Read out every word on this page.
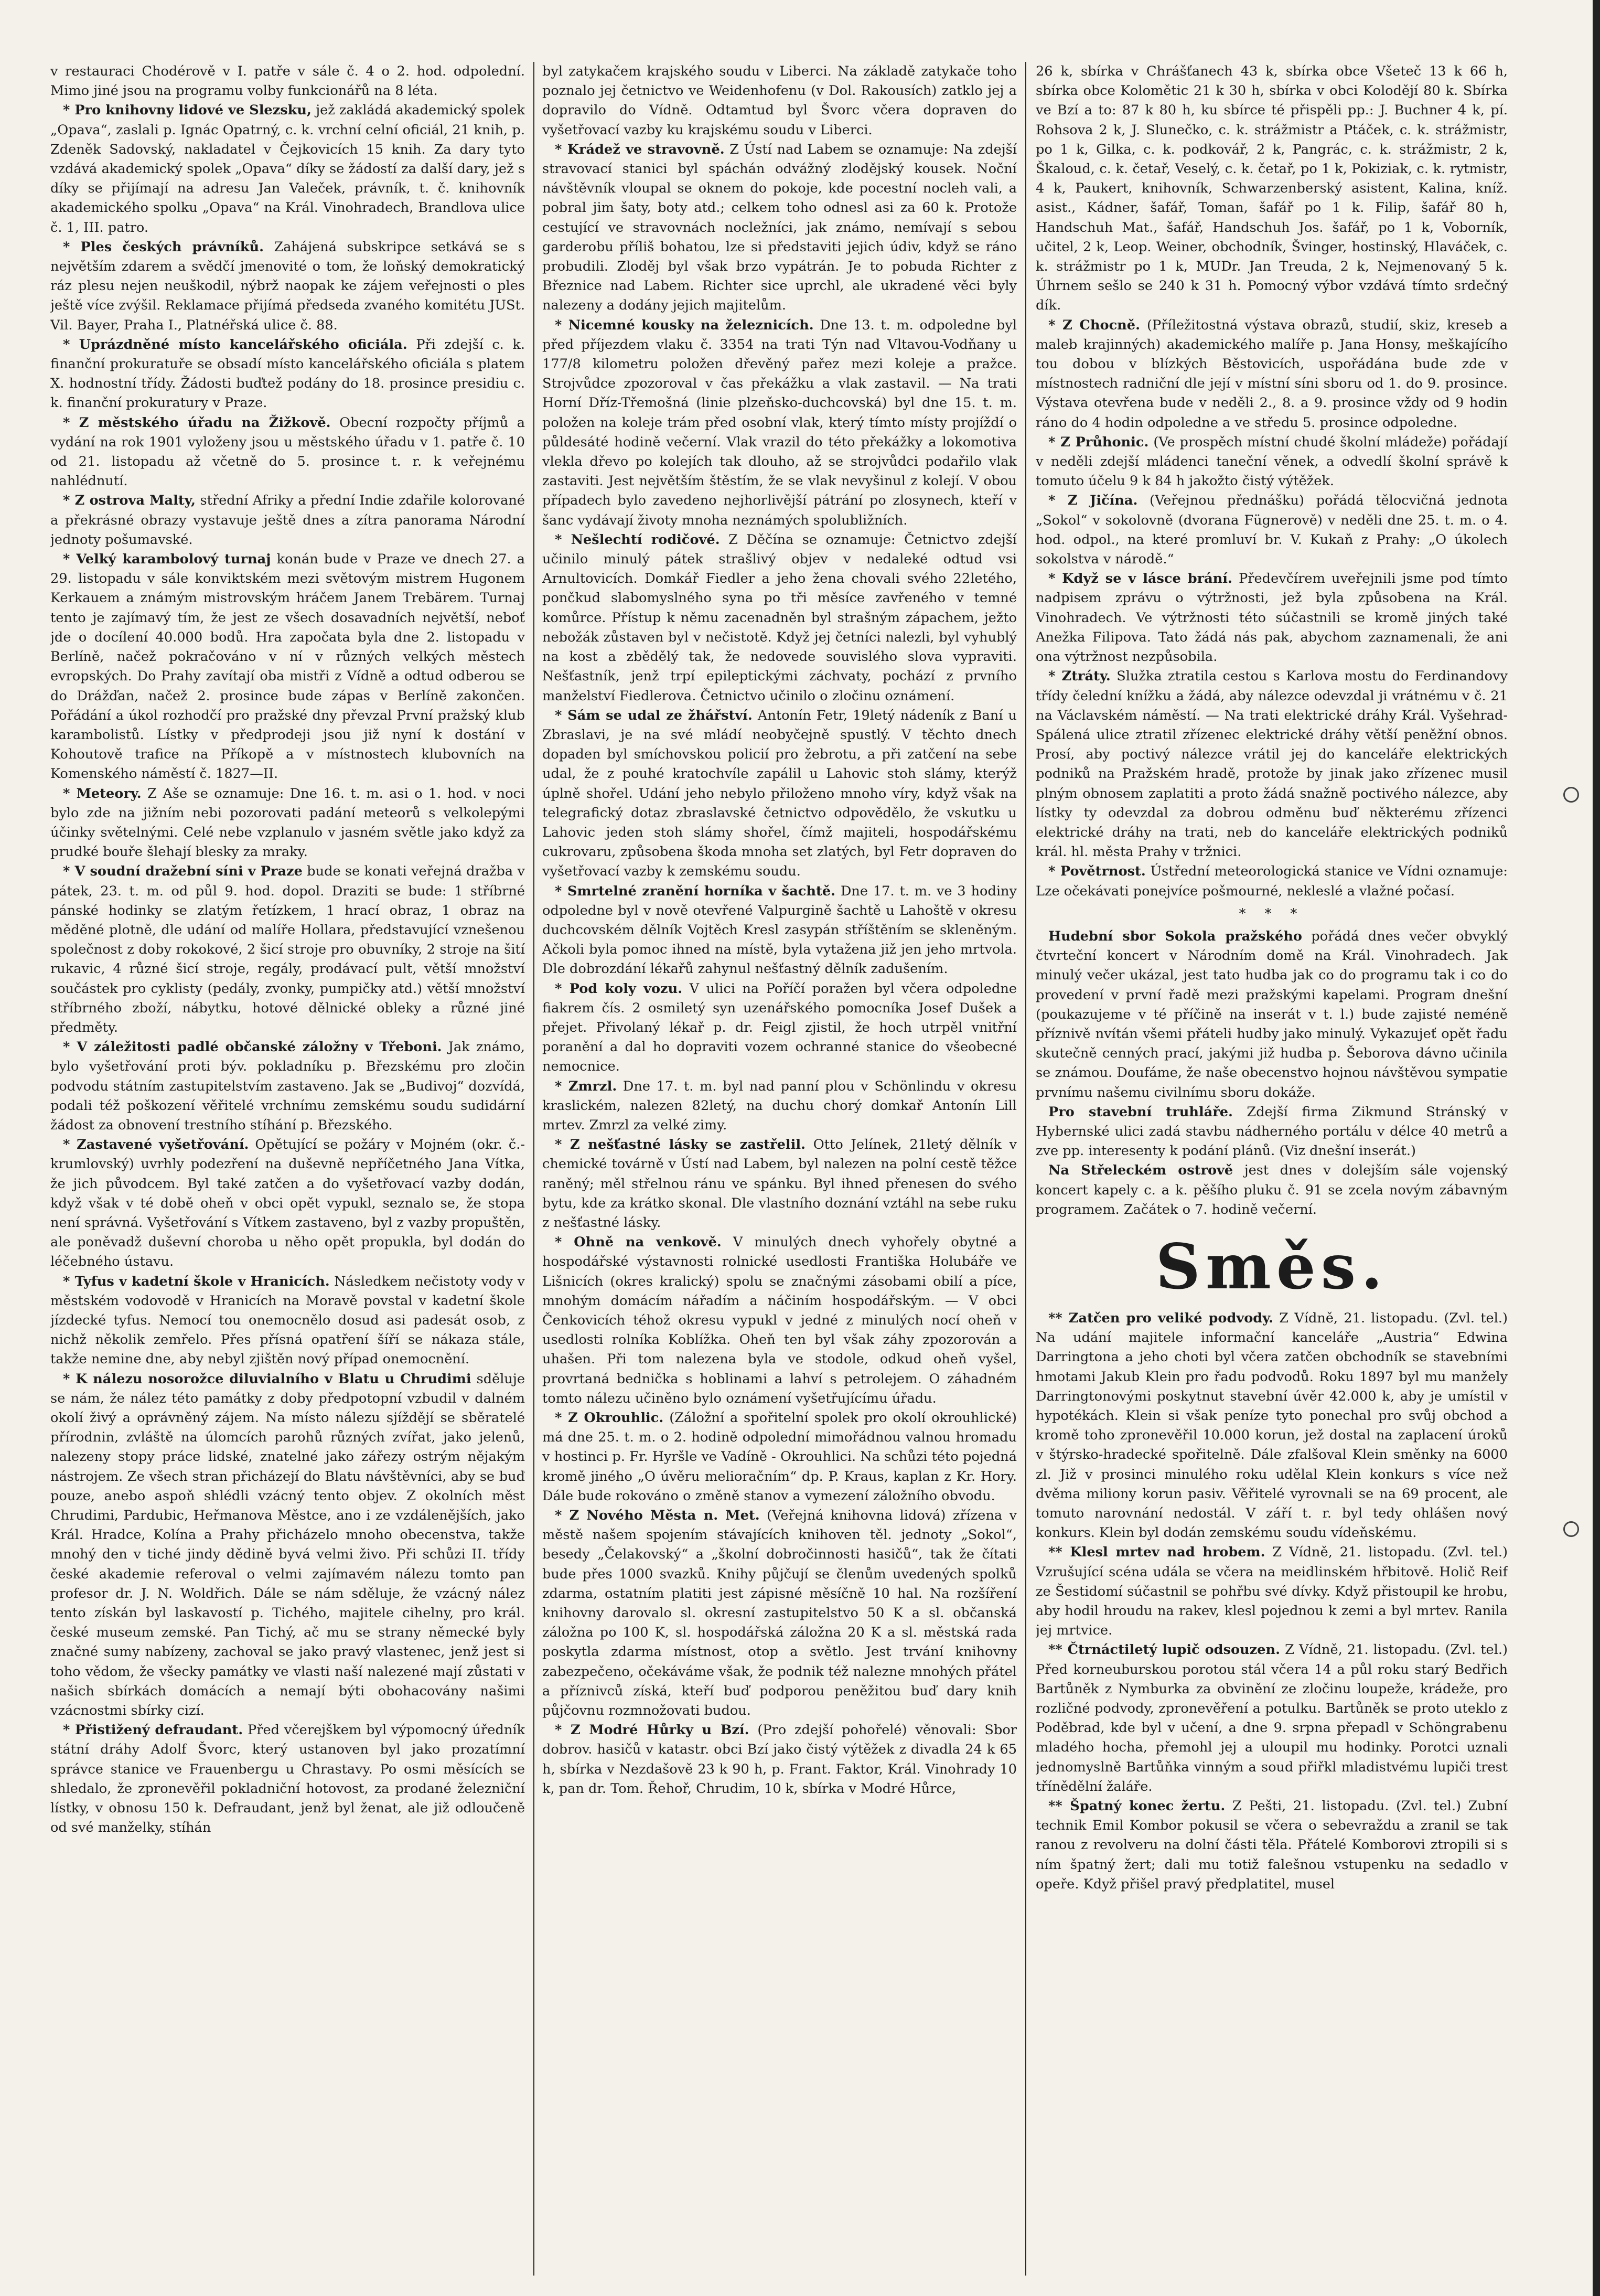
v restauraci Chodérově v I. patře v sále č. 4 o 2. hod. odpolední. Mimo jiné jsou na programu volby funkcionářů na 8 léta.

* Pro knihovny lidové ve Slezsku, jež zakládá akademický spolek „Opava“, zaslali p. Ignác Opatrný, c. k. vrchní celní oficiál, 21 knih, p. Zdeněk Sadovský, nakladatel v Čejkovicích 15 knih. Za dary tyto vzdává akademický spolek „Opava“ díky se žádostí za další dary, jež s díky se přijímají na adresu Jan Valeček, právník, t. č. knihovník akademického spolku „Opava“ na Král. Vinohradech, Brandlova ulice č. 1, III. patro.

* Ples českých právníků. Zahájená subskripce setkává se s největším zdarem a svědčí jmenovité o tom, že loňský demokratický ráz plesu nejen neuškodil, nýbrž naopak ke zájem veřejnosti o ples ještě více zvýšil. Reklamace přijímá předseda zvaného komitétu JUSt. Vil. Bayer, Praha I., Platnéřská ulice č. 88.

* Uprázdněné místo kancelářského oficiála. Při zdejší c. k. finanční prokuratuře se obsadí místo kancelářského oficiála s platem X. hodnostní třídy. Žádosti buďtež podány do 18. prosince presidiu c. k. finanční prokuratury v Praze.

* Z městského úřadu na Žižkově. Obecní rozpočty příjmů a vydání na rok 1901 vyloženy jsou u městského úřadu v 1. patře č. 10 od 21. listopadu až včetně do 5. prosince t. r. k veřejnému nahlédnutí.

* Z ostrova Malty, střední Afriky a přední Indie zdařile kolorované a překrásné obrazy vystavuje ještě dnes a zítra panorama Národní jednoty pošumavské.

* Velký karambolový turnaj konán bude v Praze ve dnech 27. a 29. listopadu v sále konviktském mezi světovým mistrem Hugonem Kerkauem a známým mistrovským hráčem Janem Trebärem. Turnaj tento je zajímavý tím, že jest ze všech dosavadních největší, neboť jde o docílení 40.000 bodů. Hra započata byla dne 2. listopadu v Berlíně, načež pokračováno v ní v různých velkých městech evropských. Do Prahy zavítají oba mistři z Vídně a odtud odberou se do Drážďan, načež 2. prosince bude zápas v Berlíně zakončen. Pořádání a úkol rozhodčí pro pražské dny převzal První pražský klub karambolistů. Lístky v předprodeji jsou již nyní k dostání v Kohoutově trafice na Příkopě a v místnostech klubovních na Komenského náměstí č. 1827—II.

* Meteory. Z Aše se oznamuje: Dne 16. t. m. asi o 1. hod. v noci bylo zde na jižním nebi pozorovati padání meteorů s velkolepými účinky světelnými. Celé nebe vzplanulo v jasném světle jako když za prudké bouře šlehají blesky za mraky.

* V soudní dražební síni v Praze bude se konati veřejná dražba v pátek, 23. t. m. od půl 9. hod. dopol. Draziti se bude: 1 stříbrné pánské hodinky se zlatým řetízkem, 1 hrací obraz, 1 obraz na měděné plotně, dle udání od malíře Hollara, představující vznešenou společnost z doby rokokové, 2 šicí stroje pro obuvníky, 2 stroje na šití rukavic, 4 různé šicí stroje, regály, prodávací pult, větší množství součástek pro cyklisty (pedály, zvonky, pumpičky atd.) větší množství stříbrného zboží, nábytku, hotové dělnické obleky a různé jiné předměty.

* V záležitosti padlé občanské záložny v Třeboni. Jak známo, bylo vyšetřování proti býv. pokladníku p. Březskému pro zločin podvodu státním zastupitelstvím zastaveno. Jak se „Budivoj“ dozvídá, podali též poškození věřitelé vrchnímu zemskému soudu sudidární žádost za obnovení trestního stíhání p. Březského.

* Zastavené vyšetřování. Opětující se požáry v Mojném (okr. č.-krumlovský) uvrhly podezření na duševně nepříčetného Jana Vítka, že jich původcem. Byl také zatčen a do vyšetřovací vazby dodán, když však v té době oheň v obci opět vypukl, seznalo se, že stopa není správná. Vyšetřování s Vítkem zastaveno, byl z vazby propuštěn, ale poněvadž duševní choroba u něho opět propukla, byl dodán do léčebného ústavu.

* Tyfus v kadetní škole v Hranicích. Následkem nečistoty vody v městském vodovodě v Hranicích na Moravě povstal v kadetní škole jízdecké tyfus. Nemocí tou onemocnělo dosud asi padesát osob, z nichž několik zemřelo. Přes přísná opatření šíří se nákaza stále, takže nemine dne, aby nebyl zjištěn nový případ onemocnění.

* K nálezu nosorožce diluvialního v Blatu u Chrudimi sděluje se nám, že nález této památky z doby předpotopní vzbudil v dalném okolí živý a oprávněný zájem. Na místo nálezu sjíždějí se sběratelé přírodnin, zvláště na úlomcích parohů různých zvířat, jako jelenů, nalezeny stopy práce lidské, znatelné jako zářezy ostrým nějakým nástrojem. Ze všech stran přicházejí do Blatu návštěvníci, aby se buď pouze, anebo aspoň shlédli vzácný tento objev. Z okolních měst Chrudimi, Pardubic, Heřmanova Městce, ano i ze vzdálenějších, jako Král. Hradce, Kolína a Prahy přicházelo mnoho obecenstva, takže mnohý den v tiché jindy dědině byvá velmi živo. Při schůzi II. třídy české akademie referoval o velmi zajímavém nálezu tomto pan profesor dr. J. N. Woldřich. Dále se nám sděluje, že vzácný nález tento získán byl laskavostí p. Tichého, majitele cihelny, pro král. české museum zemské. Pan Tichý, ač mu se strany německé byly značné sumy nabízeny, zachoval se jako pravý vlastenec, jenž jest si toho vědom, že všecky památky ve vlasti naší nalezené mají zůstati v našich sbírkách domácích a nemají býti obohacovány našimi vzácnostmi sbírky cizí.

* Přistižený defraudant. Před včerejškem byl výpomocný úředník státní dráhy Adolf Švorc, který ustanoven byl jako prozatímní správce stanice ve Frauenbergu u Chrastavy. Po osmi měsících se shledalo, že zpronevěřil pokladniční hotovost, za prodané železniční lístky, v obnosu 150 k. Defraudant, jenž byl ženat, ale již odloučeně od své manželky, stíhán

byl zatykačem krajského soudu v Liberci. Na základě zatykače toho poznalo jej četnictvo ve Weidenhofenu (v Dol. Rakousích) zatklo jej a dopravilo do Vídně. Odtamtud byl Švorc včera dopraven do vyšetřovací vazby ku krajskému soudu v Liberci.

* Krádež ve stravovně. Z Ústí nad Labem se oznamuje: Na zdejší stravovací stanici byl spáchán odvážný zlodějský kousek. Noční návštěvník vloupal se oknem do pokoje, kde pocestní nocleh vali, a pobral jim šaty, boty atd.; celkem toho odnesl asi za 60 k. Protože cestující ve stravovnách nocležníci, jak známo, nemívají s sebou garderobu příliš bohatou, lze si představiti jejich údiv, když se ráno probudili. Zloděj byl však brzo vypátrán. Je to pobuda Richter z Březnice nad Labem. Richter sice uprchl, ale ukradené věci byly nalezeny a dodány jejich majitelům.

* Nicemné kousky na železnicích. Dne 13. t. m. odpoledne byl před příjezdem vlaku č. 3354 na trati Týn nad Vltavou-Vodňany u 177/8 kilometru položen dřevěný pařez mezi koleje a pražce. Strojvůdce zpozoroval v čas překážku a vlak zastavil. — Na trati Horní Dříz-Třemošná (linie plzeňsko-duchcovská) byl dne 15. t. m. položen na koleje trám před osobní vlak, který tímto místy projíždí o půldesáté hodině večerní. Vlak vrazil do této překážky a lokomotiva vlekla dřevo po kolejích tak dlouho, až se strojvůdci podařilo vlak zastaviti. Jest největším štěstím, že se vlak nevyšinul z kolejí. V obou případech bylo zavedeno nejhorlivější pátrání po zlosynech, kteří v šanc vydávají životy mnoha neznámých spolubližních.

* Nešlechtí rodičové. Z Děčína se oznamuje: Četnictvo zdejší učinilo minulý pátek strašlivý objev v nedaleké odtud vsi Arnultovicích. Domkář Fiedler a jeho žena chovali svého 22letého, pončkud slabomyslného syna po tři měsíce zavřeného v temné komůrce. Přístup k němu zacenadněn byl strašným zápachem, ježto nebožák zůstaven byl v nečistotě. Když jej četníci nalezli, byl vyhublý na kost a zbědělý tak, že nedovede souvislého slova vypraviti. Nešťastník, jenž trpí epileptickými záchvaty, pochází z prvního manželství Fiedlerova. Četnictvo učinilo o zločinu oznámení.

* Sám se udal ze žhářství. Antonín Fetr, 19letý nádeník z Baní u Zbraslavi, je na své mládí neobyčejně spustlý. V těchto dnech dopaden byl smíchovskou policií pro žebrotu, a při zatčení na sebe udal, že z pouhé kratochvíle zapálil u Lahovic stoh slámy, kterýž úplně shořel. Udání jeho nebylo přiloženo mnoho víry, když však na telegrafický dotaz zbraslavské četnictvo odpovědělo, že vskutku u Lahovic jeden stoh slámy shořel, čímž majiteli, hospodářskému cukrovaru, způsobena škoda mnoha set zlatých, byl Fetr dopraven do vyšetřovací vazby k zemskému soudu.

* Smrtelné zranění horníka v šachtě. Dne 17. t. m. ve 3 hodiny odpoledne byl v nově otevřené Valpurgině šachtě u Lahoště v okresu duchcovském dělník Vojtěch Kresl zasypán stříštěním se skleněným. Ačkoli byla pomoc ihned na místě, byla vytažena již jen jeho mrtvola. Dle dobrozdání lékařů zahynul nešťastný dělník zadušením.

* Pod koly vozu. V ulici na Poříčí poražen byl včera odpoledne fiakrem čís. 2 osmiletý syn uzenářského pomocníka Josef Dušek a přejet. Přivolaný lékař p. dr. Feigl zjistil, že hoch utrpěl vnitřní poranění a dal ho dopraviti vozem ochranné stanice do všeobecné nemocnice.

* Zmrzl. Dne 17. t. m. byl nad panní plou v Schönlindu v okresu kraslickém, nalezen 82letý, na duchu chorý domkař Antonín Lill mrtev. Zmrzl za velké zimy.

* Z nešťastné lásky se zastřelil. Otto Jelínek, 21letý dělník v chemické továrně v Ústí nad Labem, byl nalezen na polní cestě těžce raněný; měl střelnou ránu ve spánku. Byl ihned přenesen do svého bytu, kde za krátko skonal. Dle vlastního doznání vztáhl na sebe ruku z nešťastné lásky.

* Ohně na venkově. V minulých dnech vyhořely obytné a hospodářské výstavnosti rolnické usedlosti Františka Holubáře ve Lišnicích (okres kralický) spolu se značnými zásobami obilí a píce, mnohým domácím nářadím a náčiním hospodářským. — V obci Čenkovicích téhož okresu vypukl v jedné z minulých nocí oheň v usedlosti rolníka Koblížka. Oheň ten byl však záhy zpozorován a uhašen. Při tom nalezena byla ve stodole, odkud oheň vyšel, provrtaná bednička s hoblinami a lahví s petrolejem. O záhadném tomto nálezu učiněno bylo oznámení vyšetřujícímu úřadu.

* Z Okrouhlic. (Záložní a spořitelní spolek pro okolí okrouhlické) má dne 25. t. m. o 2. hodině odpolední mimořádnou valnou hromadu v hostinci p. Fr. Hyršle ve Vadíně - Okrouhlici. Na schůzi této pojedná kromě jiného „O úvěru melioračním“ dp. P. Kraus, kaplan z Kr. Hory. Dále bude rokováno o změně stanov a vymezení záložního obvodu.

* Z Nového Města n. Met. (Veřejná knihovna lidová) zřízena v městě našem spojením stávajících knihoven těl. jednoty „Sokol“, besedy „Čelakovský“ a „školní dobročinnosti hasičů“, tak že čítati bude přes 1000 svazků. Knihy půjčují se členům uvedených spolků zdarma, ostatním platiti jest zápisné měsíčně 10 hal. Na rozšíření knihovny darovalo sl. okresní zastupitelstvo 50 K a sl. občanská záložna po 100 K, sl. hospodářská záložna 20 K a sl. městská rada poskytla zdarma místnost, otop a světlo. Jest trvání knihovny zabezpečeno, očekáváme však, že podnik též nalezne mnohých přátel a příznivců získá, kteří buď podporou peněžitou buď dary knih půjčovnu rozmnožovati budou.

* Z Modré Hůrky u Bzí. (Pro zdejší pohořelé) věnovali: Sbor dobrov. hasičů v katastr. obci Bzí jako čistý výtěžek z divadla 24 k 65 h, sbírka v Nezdašově 23 k 90 h, p. Frant. Faktor, Král. Vinohrady 10 k, pan dr. Tom. Řehoř, Chrudim, 10 k, sbírka v Modré Hůrce,

26 k, sbírka v Chrášťanech 43 k, sbírka obce Všeteč 13 k 66 h, sbírka obce Kolomětic 21 k 30 h, sbírka v obci Kolodějí 80 k. Sbírka ve Bzí a to: 87 k 80 h, ku sbírce té přispěli pp.: J. Buchner 4 k, pí. Rohsova 2 k, J. Slunečko, c. k. strážmistr a Ptáček, c. k. strážmistr, po 1 k, Gilka, c. k. podkovář, 2 k, Pangrác, c. k. strážmistr, 2 k, Škaloud, c. k. četař, Veselý, c. k. četař, po 1 k, Pokiziak, c. k. rytmistr, 4 k, Paukert, knihovník, Schwarzenberský asistent, Kalina, kníž. asist., Kádner, šafář, Toman, šafář po 1 k. Filip, šafář 80 h, Handschuh Mat., šafář, Handschuh Jos. šafář, po 1 k, Voborník, učitel, 2 k, Leop. Weiner, obchodník, Švinger, hostinský, Hlaváček, c. k. strážmistr po 1 k, MUDr. Jan Treuda, 2 k, Nejmenovaný 5 k. Úhrnem sešlo se 240 k 31 h. Pomocný výbor vzdává tímto srdečný dík.

* Z Chocně. (Příležitostná výstava obrazů, studií, skiz, kreseb a maleb krajinných) akademického malíře p. Jana Honsy, meškajícího tou dobou v blízkých Běstovicích, uspořádána bude zde v místnostech radniční dle její v místní síni sboru od 1. do 9. prosince. Výstava otevřena bude v neděli 2., 8. a 9. prosince vždy od 9 hodin ráno do 4 hodin odpoledne a ve středu 5. prosince odpoledne.

* Z Průhonic. (Ve prospěch místní chudé školní mládeže) pořádají v neděli zdejší mládenci taneční věnek, a odvedlí školní správě k tomuto účelu 9 k 84 h jakožto čistý výtěžek.

* Z Jičína. (Veřejnou přednášku) pořádá tělocvičná jednota „Sokol“ v sokolovně (dvorana Fügnerově) v neděli dne 25. t. m. o 4. hod. odpol., na které promluví br. V. Kukaň z Prahy: „O úkolech sokolstva v národě.“

* Když se v lásce brání. Předevčírem uveřejnili jsme pod tímto nadpisem zprávu o výtržnosti, jež byla způsobena na Král. Vinohradech. Ve výtržnosti této súčastnili se kromě jiných také Anežka Filipova. Tato žádá nás pak, abychom zaznamenali, že ani ona výtržnost nezpůsobila.

* Ztráty. Služka ztratila cestou s Karlova mostu do Ferdinandovy třídy čelední knížku a žádá, aby nálezce odevzdal ji vrátnému v č. 21 na Václavském náměstí. — Na trati elektrické dráhy Král. Vyšehrad-Spálená ulice ztratil zřízenec elektrické dráhy větší peněžní obnos. Prosí, aby poctivý nálezce vrátil jej do kanceláře elektrických podniků na Pražském hradě, protože by jinak jako zřízenec musil plným obnosem zaplatiti a proto žádá snažně poctivého nálezce, aby lístky ty odevzdal za dobrou odměnu buď některému zřízenci elektrické dráhy na trati, neb do kanceláře elektrických podniků král. hl. města Prahy v tržnici.

* Povětrnost. Ústřední meteorologická stanice ve Vídni oznamuje: Lze očekávati ponejvíce pošmourné, nekleslé a vlažné počasí.

* * *

Hudební sbor Sokola pražského pořádá dnes večer obvyklý čtvrteční koncert v Národním domě na Král. Vinohradech. Jak minulý večer ukázal, jest tato hudba jak co do programu tak i co do provedení v první řadě mezi pražskými kapelami. Program dnešní (poukazujeme v té příčině na inserát v t. l.) bude zajisté neméně příznivě nvítán všemi přáteli hudby jako minulý. Vykazujeť opět řadu skutečně cenných prací, jakými již hudba p. Šeborova dávno učinila se známou. Doufáme, že naše obecenstvo hojnou návštěvou sympatie prvnímu našemu civilnímu sboru dokáže.

Pro stavební truhláře. Zdejší firma Zikmund Stránský v Hybernské ulici zadá stavbu nádherného portálu v délce 40 metrů a zve pp. interesenty k podání plánů. (Viz dnešní inserát.)

Na Střeleckém ostrově jest dnes v dolejším sále vojenský koncert kapely c. a k. pěšího pluku č. 91 se zcela novým zábavným programem. Začátek o 7. hodině večerní.

Směs.

** Zatčen pro veliké podvody. Z Vídně, 21. listopadu. (Zvl. tel.) Na udání majitele informační kanceláře „Austria“ Edwina Darringtona a jeho choti byl včera zatčen obchodník se stavebními hmotami Jakub Klein pro řadu podvodů. Roku 1897 byl mu manžely Darringtonovými poskytnut stavební úvěr 42.000 k, aby je umístil v hypotékách. Klein si však peníze tyto ponechal pro svůj obchod a kromě toho zpronevěřil 10.000 korun, jež dostal na zaplacení úroků v štýrsko-hradecké spořitelně. Dále zfalšoval Klein směnky na 6000 zl. Již v prosinci minulého roku udělal Klein konkurs s více než dvěma miliony korun pasiv. Věřitelé vyrovnali se na 69 procent, ale tomuto narovnání nedostál. V září t. r. byl tedy ohlášen nový konkurs. Klein byl dodán zemskému soudu vídeňskému.

** Klesl mrtev nad hrobem. Z Vídně, 21. listopadu. (Zvl. tel.) Vzrušující scéna udála se včera na meidlinském hřbitově. Holič Reif ze Šestidomí súčastnil se pohřbu své dívky. Když přistoupil ke hrobu, aby hodil hroudu na rakev, klesl pojednou k zemi a byl mrtev. Ranila jej mrtvice.

** Čtrnáctiletý lupič odsouzen. Z Vídně, 21. listopadu. (Zvl. tel.) Před korneuburskou porotou stál včera 14 a půl roku starý Bedřich Bartůněk z Nymburka za obvinění ze zločinu loupeže, krádeže, pro rozličné podvody, zpronevěření a potulku. Bartůněk se proto uteklo z Poděbrad, kde byl v učení, a dne 9. srpna přepadl v Schöngrabenu mladého hocha, přemohl jej a uloupil mu hodinky. Porotci uznali jednomyslně Bartůňka vinným a soud přiřkl mladistvému lupiči trest třínědělní žaláře.

** Špatný konec žertu. Z Pešti, 21. listopadu. (Zvl. tel.) Zubní technik Emil Kombor pokusil se včera o sebevraždu a zranil se tak ranou z revolveru na dolní části těla. Přátelé Komborovi ztropili si s ním špatný žert; dali mu totiž falešnou vstupenku na sedadlo v opeře. Když přišel pravý předplatitel, musel
